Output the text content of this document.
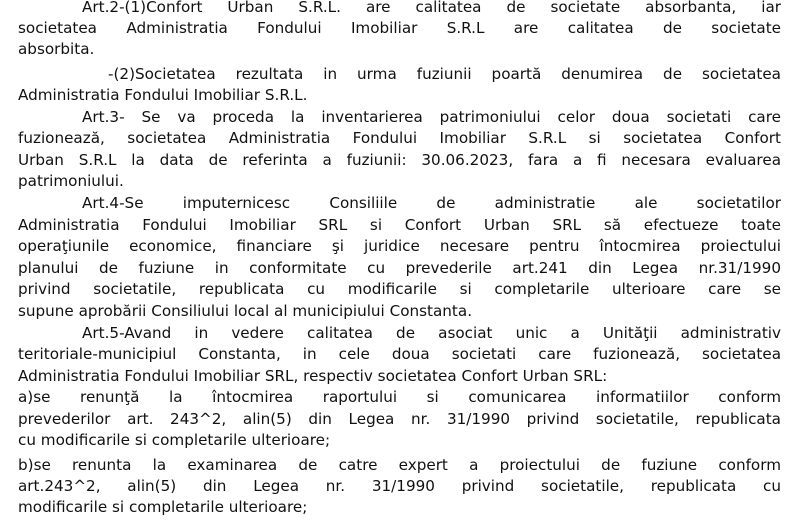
Art.2-(1)Confort Urban S.R.L. are calitatea de societate absorbanta, iar
societatea Administratia Fondului Imobiliar S.R.L are calitatea de societate
absorbita.
-(2)Societatea rezultata in urma fuziunii poartă denumirea de societatea
Administratia Fondului Imobiliar S.R.L.
Art.3- Se va proceda la inventarierea patrimoniului celor doua societati care
fuzionează, societatea Administratia Fondului Imobiliar S.R.L si societatea Confort
Urban S.R.L la data de referinta a fuziunii: 30.06.2023, fara a fi necesara evaluarea
patrimoniului.
Art.4-Se imputernicesc Consiliile de administratie ale societatilor
Administratia Fondului Imobiliar SRL si Confort Urban SRL să efectueze toate
operaţiunile economice, financiare şi juridice necesare pentru întocmirea proiectului
planului de fuziune in conformitate cu prevederile art.241 din Legea nr.31/1990
privind societatile, republicata cu modificarile si completarile ulterioare care se
supune aprobării Consiliului local al municipiului Constanta.
Art.5-Avand in vedere calitatea de asociat unic a Unităţii administrativ
teritoriale-municipiul Constanta, in cele doua societati care fuzionează, societatea
Administratia Fondului Imobiliar SRL, respectiv societatea Confort Urban SRL:
a)se renunţă la întocmirea raportului si comunicarea informatiilor conform
prevederilor art. 243^2, alin(5) din Legea nr. 31/1990 privind societatile, republicata
cu modificarile si completarile ulterioare;
b)se renunta la examinarea de catre expert a proiectului de fuziune conform
art.243^2, alin(5) din Legea nr. 31/1990 privind societatile, republicata cu
modificarile si completarile ulterioare;
